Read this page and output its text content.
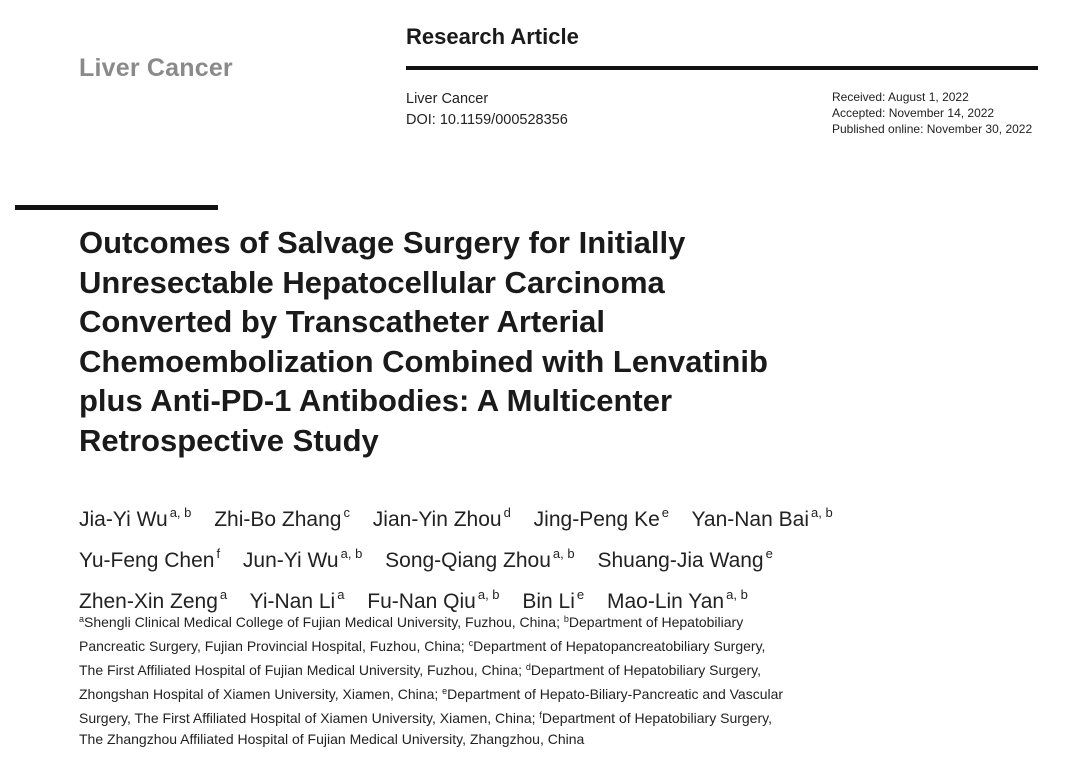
Liver Cancer
Research Article
Liver Cancer
DOI: 10.1159/000528356
Received: August 1, 2022
Accepted: November 14, 2022
Published online: November 30, 2022
Outcomes of Salvage Surgery for Initially
Unresectable Hepatocellular Carcinoma
Converted by Transcatheter Arterial
Chemoembolization Combined with Lenvatinib
plus Anti-PD-1 Antibodies: A Multicenter
Retrospective Study
Jia-Yi Wu $^{a, b}$ Zhi-Bo Zhang $^c$ Jian-Yin Zhou $^d$ Jing-Peng Ke $^e$ Yan-Nan Bai $^{a, b}$
Yu-Feng Chen $^f$ Jun-Yi Wu $^{a, b}$ Song-Qiang Zhou $^{a, b}$ Shuang-Jia Wang $^e$
Zhen-Xin Zeng $^a$ Yi-Nan Li $^a$ Fu-Nan Qiu $^{a, b}$ Bin Li $^e$ Mao-Lin Yan $^{a, b}$
$^a$Shengli Clinical Medical College of Fujian Medical University, Fuzhou, China; $^b$Department of Hepatobiliary
Pancreatic Surgery, Fujian Provincial Hospital, Fuzhou, China; $^c$Department of Hepatopancreatobiliary Surgery,
The First Affiliated Hospital of Fujian Medical University, Fuzhou, China; $^d$Department of Hepatobiliary Surgery,
Zhongshan Hospital of Xiamen University, Xiamen, China; $^e$Department of Hepato-Biliary-Pancreatic and Vascular
Surgery, The First Affiliated Hospital of Xiamen University, Xiamen, China; $^f$Department of Hepatobiliary Surgery,
The Zhangzhou Affiliated Hospital of Fujian Medical University, Zhangzhou, China
